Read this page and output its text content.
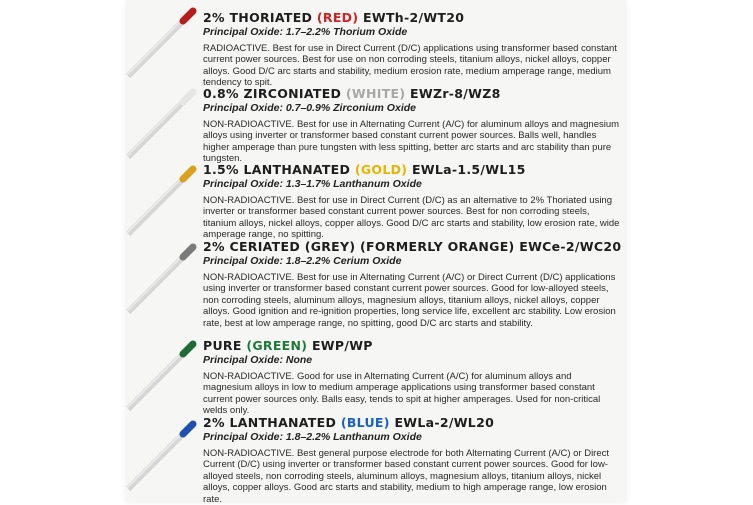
2% THORIATED (RED) EWTh-2/WT20
Principal Oxide: 1.7–2.2% Thorium Oxide
RADIOACTIVE. Best for use in Direct Current (D/C) applications using transformer based constant current power sources. Best for use on non corroding steels, titanium alloys, nickel alloys, copper alloys. Good D/C arc starts and stability, medium erosion rate, medium amperage range, medium tendency to spit.
0.8% ZIRCONIATED (WHITE) EWZr-8/WZ8
Principal Oxide: 0.7–0.9% Zirconium Oxide
NON-RADIOACTIVE. Best for use in Alternating Current (A/C) for aluminum alloys and magnesium alloys using inverter or transformer based constant current power sources. Balls well, handles higher amperage than pure tungsten with less spitting, better arc starts and arc stability than pure tungsten.
1.5% LANTHANATED (GOLD) EWLa-1.5/WL15
Principal Oxide: 1.3–1.7% Lanthanum Oxide
NON-RADIOACTIVE. Best for use in Direct Current (D/C) as an alternative to 2% Thoriated using inverter or transformer based constant current power sources. Best for non corroding steels, titanium alloys, nickel alloys, copper alloys. Good D/C arc starts and stability, low erosion rate, wide amperage range, no spitting.
2% CERIATED (GREY) (FORMERLY ORANGE) EWCe-2/WC20
Principal Oxide: 1.8–2.2% Cerium Oxide
NON-RADIOACTIVE. Best for use in Alternating Current (A/C) or Direct Current (D/C) applications using inverter or transformer based constant current power sources. Good for low-alloyed steels, non corroding steels, aluminum alloys, magnesium alloys, titanium alloys, nickel alloys, copper alloys. Good ignition and re-ignition properties, long service life, excellent arc stability. Low erosion rate, best at low amperage range, no spitting, good D/C arc starts and stability.
PURE (GREEN) EWP/WP
Principal Oxide: None
NON-RADIOACTIVE. Good for use in Alternating Current (A/C) for aluminum alloys and magnesium alloys in low to medium amperage applications using transformer based constant current power sources only. Balls easy, tends to spit at higher amperages. Used for non-critical welds only.
2% LANTHANATED (BLUE) EWLa-2/WL20
Principal Oxide: 1.8–2.2% Lanthanum Oxide
NON-RADIOACTIVE. Best general purpose electrode for both Alternating Current (A/C) or Direct Current (D/C) using inverter or transformer based constant current power sources. Good for low-alloyed steels, non corroding steels, aluminum alloys, magnesium alloys, titanium alloys, nickel alloys, copper alloys. Good arc starts and stability, medium to high amperage range, low erosion rate.
